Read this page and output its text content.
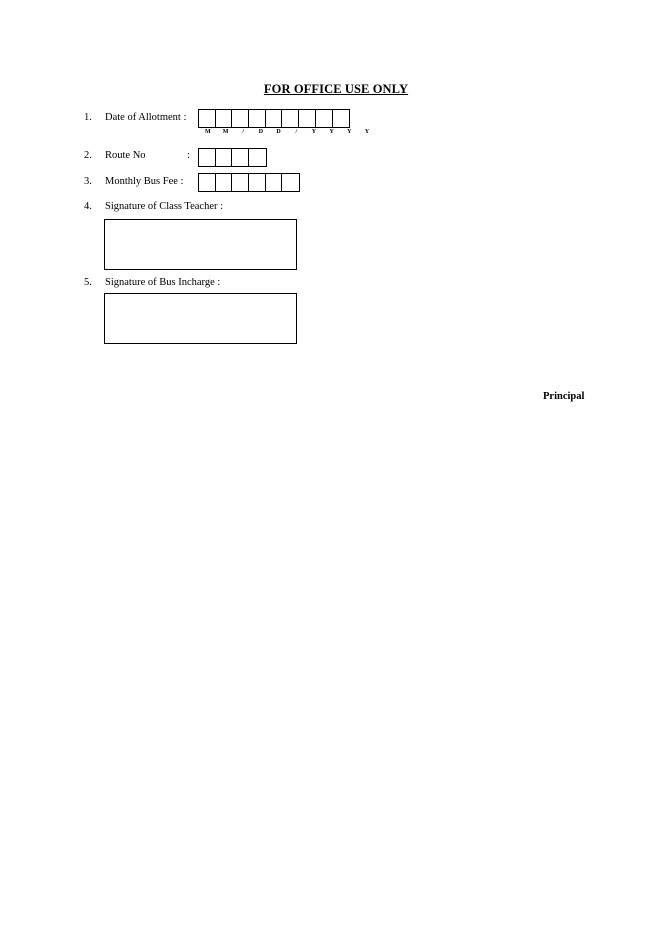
FOR OFFICE USE ONLY
1. Date of Allotment :
M	M	/	D	D	/	Y	Y	Y	Y
2. Route No	:
3. Monthly Bus Fee :
4. Signature of Class Teacher :
5. Signature of Bus Incharge :
Principal
